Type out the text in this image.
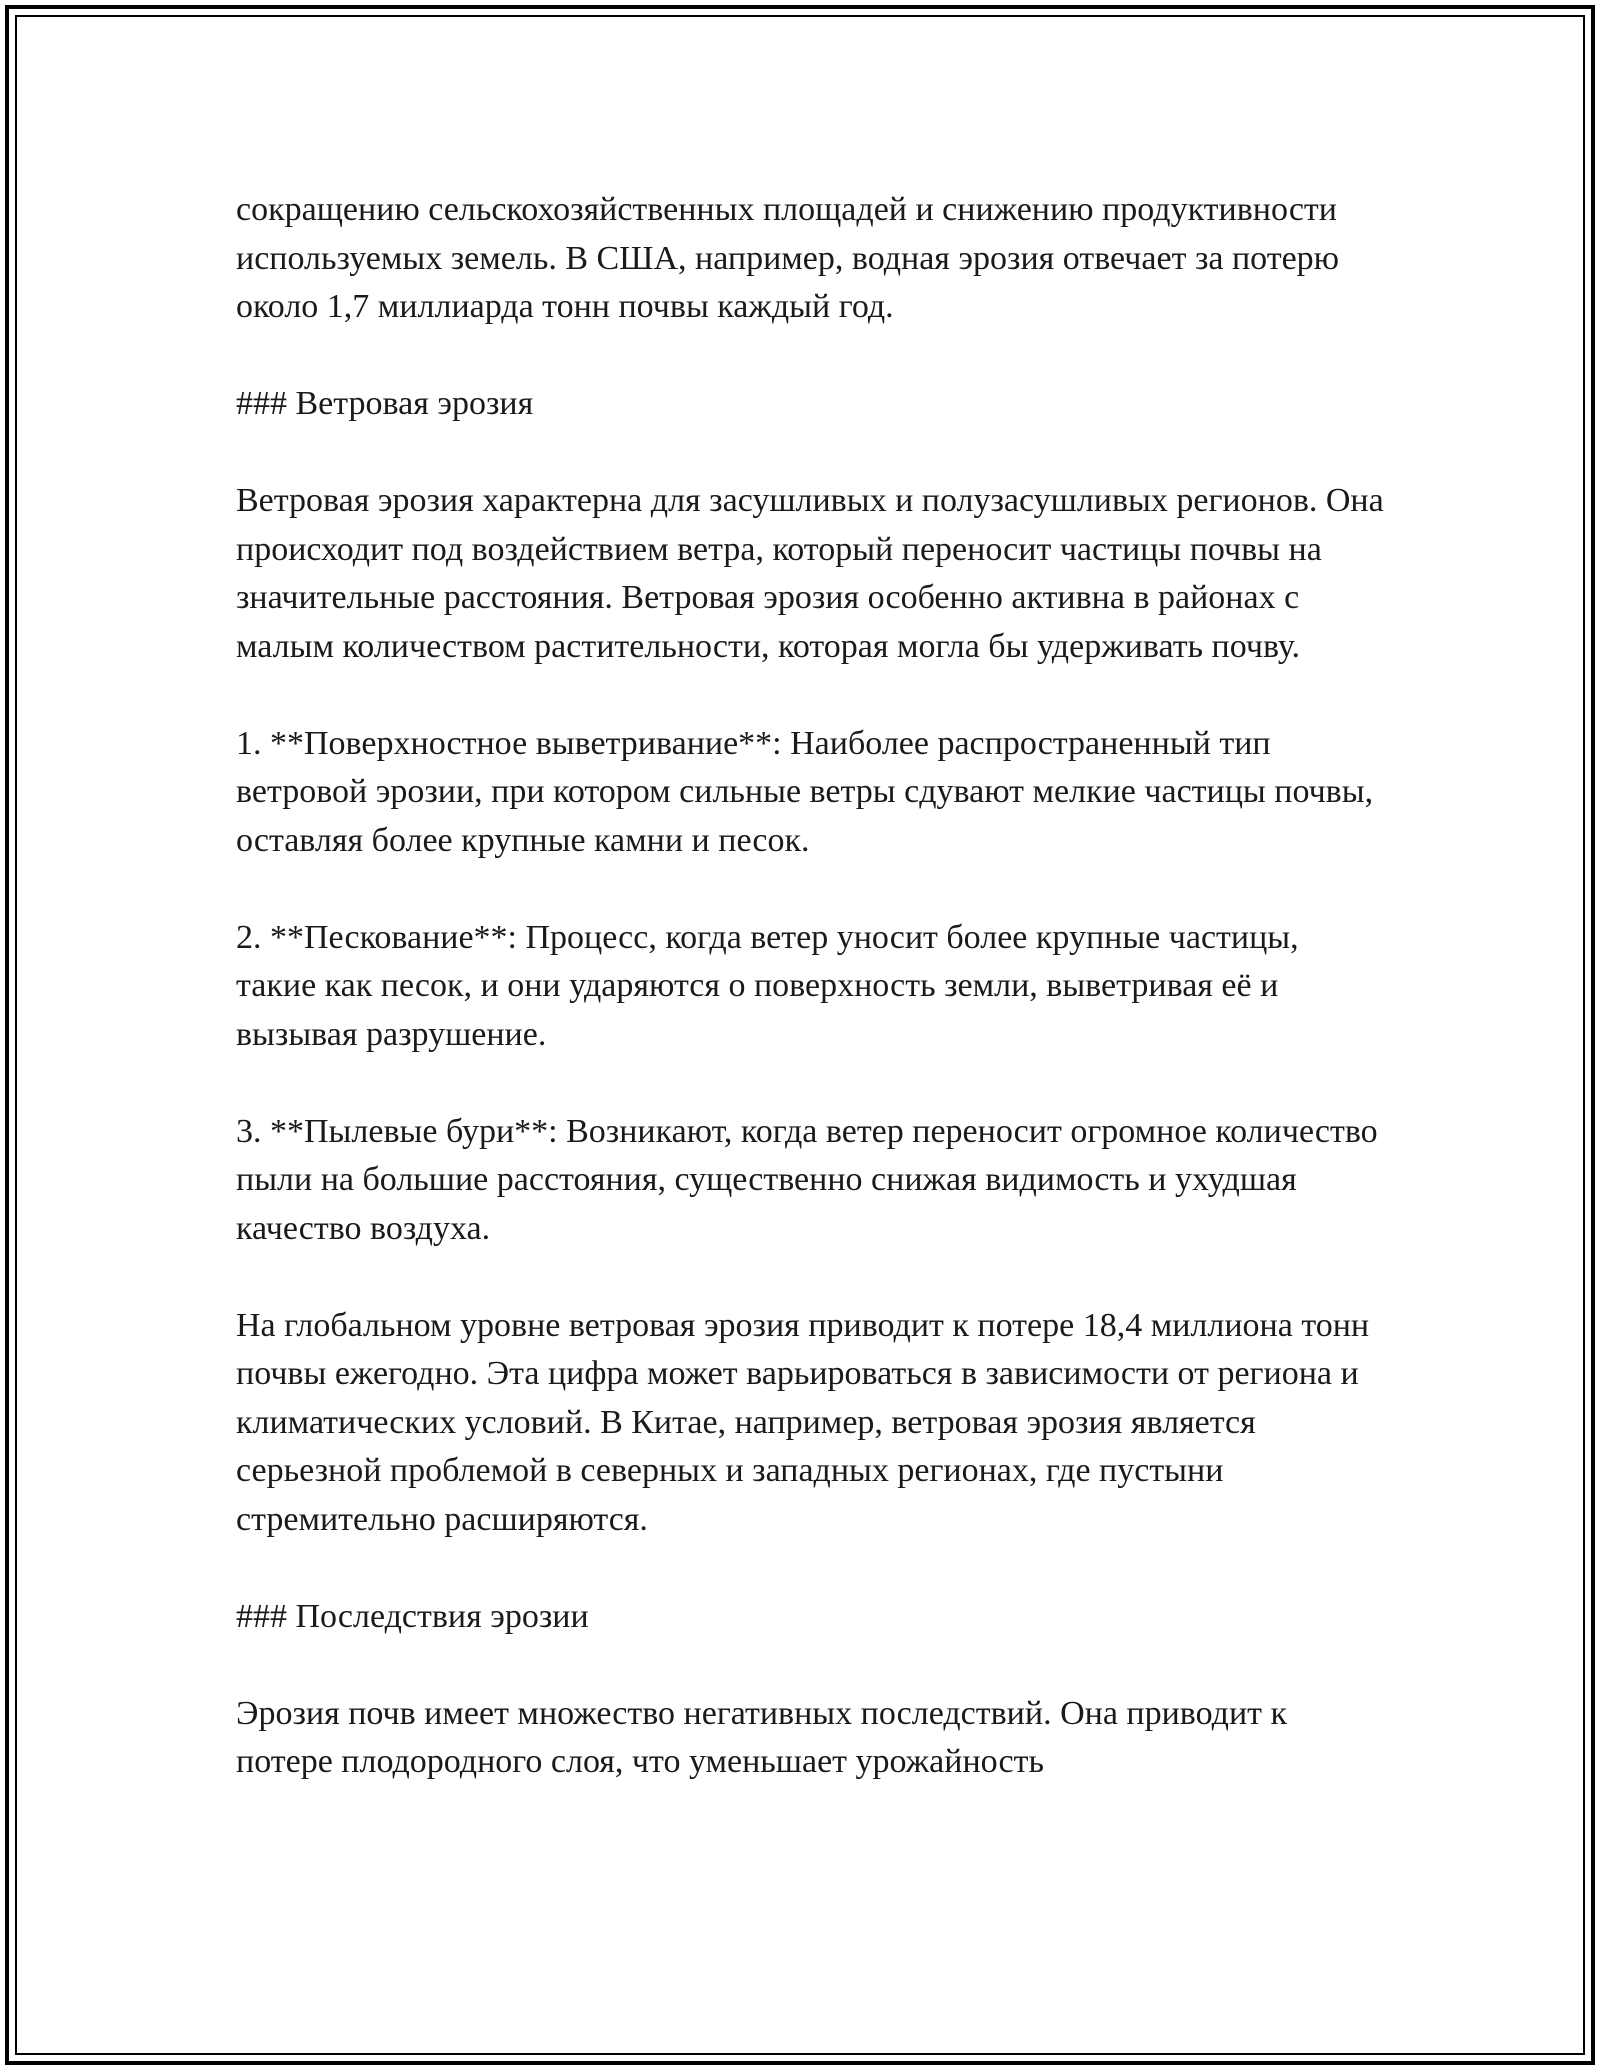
сокращению сельскохозяйственных площадей и снижению продуктивности используемых земель. В США, например, водная эрозия отвечает за потерю около 1,7 миллиарда тонн почвы каждый год.

### Ветровая эрозия

Ветровая эрозия характерна для засушливых и полузасушливых регионов. Она происходит под воздействием ветра, который переносит частицы почвы на значительные расстояния. Ветровая эрозия особенно активна в районах с малым количеством растительности, которая могла бы удерживать почву.

1. **Поверхностное выветривание**: Наиболее распространенный тип ветровой эрозии, при котором сильные ветры сдувают мелкие частицы почвы, оставляя более крупные камни и песок.

2. **Пескование**: Процесс, когда ветер уносит более крупные частицы, такие как песок, и они ударяются о поверхность земли, выветривая её и вызывая разрушение.

3. **Пылевые бури**: Возникают, когда ветер переносит огромное количество пыли на большие расстояния, существенно снижая видимость и ухудшая качество воздуха.

На глобальном уровне ветровая эрозия приводит к потере 18,4 миллиона тонн почвы ежегодно. Эта цифра может варьироваться в зависимости от региона и климатических условий. В Китае, например, ветровая эрозия является серьезной проблемой в северных и западных регионах, где пустыни стремительно расширяются.

### Последствия эрозии

Эрозия почв имеет множество негативных последствий. Она приводит к потере плодородного слоя, что уменьшает урожайность
